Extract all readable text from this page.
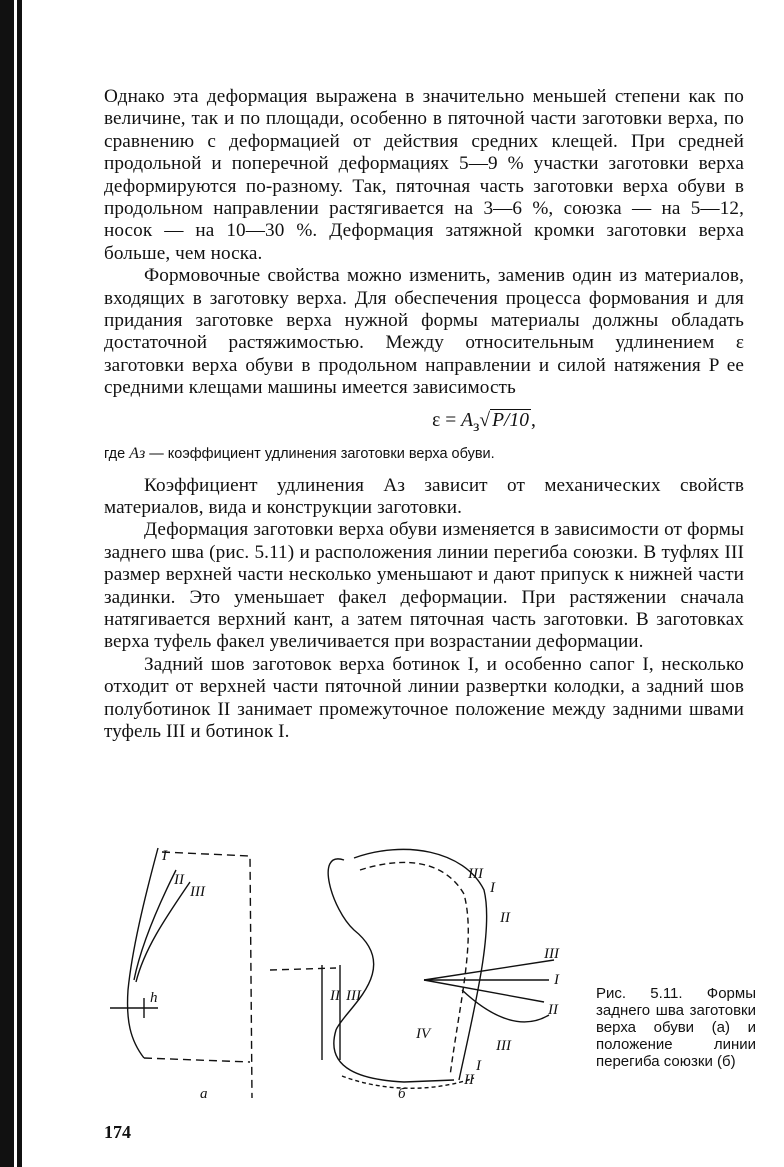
Однако эта деформация выражена в значительно меньшей степени как по величине, так и по площади, особенно в пяточной части заготовки верха, по сравнению с деформацией от действия средних клещей. При средней продольной и поперечной деформациях 5—9 % участки заготовки верха деформируются по-разному. Так, пяточная часть заготовки верха обуви в продольном направлении растягивается на 3—6 %, союзка — на 5—12, носок — на 10—30 %. Деформация затяжной кромки заготовки верха больше, чем носка.

Формовочные свойства можно изменить, заменив один из материалов, входящих в заготовку верха. Для обеспечения процесса формования и для придания заготовке верха нужной формы материалы должны обладать достаточной растяжимостью. Между относительным удлинением ε заготовки верха обуви в продольном направлении и силой натяжения P ее средними клещами машины имеется зависимость

$\varepsilon = A_з√$ P/10 ,
где Aз — коэффициент удлинения заготовки верха обуви.

Коэффициент удлинения Aз зависит от механических свойств материалов, вида и конструкции заготовки.

Деформация заготовки верха обуви изменяется в зависимости от формы заднего шва (рис. 5.11) и расположения линии перегиба союзки. В туфлях III размер верхней части несколько уменьшают и дают припуск к нижней части задинки. Это уменьшает факел деформации. При растяжении сначала натягивается верхний кант, а затем пяточная часть заготовки. В заготовках верха туфель факел увеличивается при возрастании деформации.

Задний шов заготовок верха ботинок I, и особенно сапог I, несколько отходит от верхней части пяточной линии развертки колодки, а задний шов полуботинок II занимает промежуточное положение между задними швами туфель III и ботинок I.

I
II
III
h
а
II III
IV
III
I
II
III
I
II
III
I
II
б
Рис. 5.11. Формы заднего шва заготовки верха обуви (а) и положение линии перегиба союзки (б)
174
